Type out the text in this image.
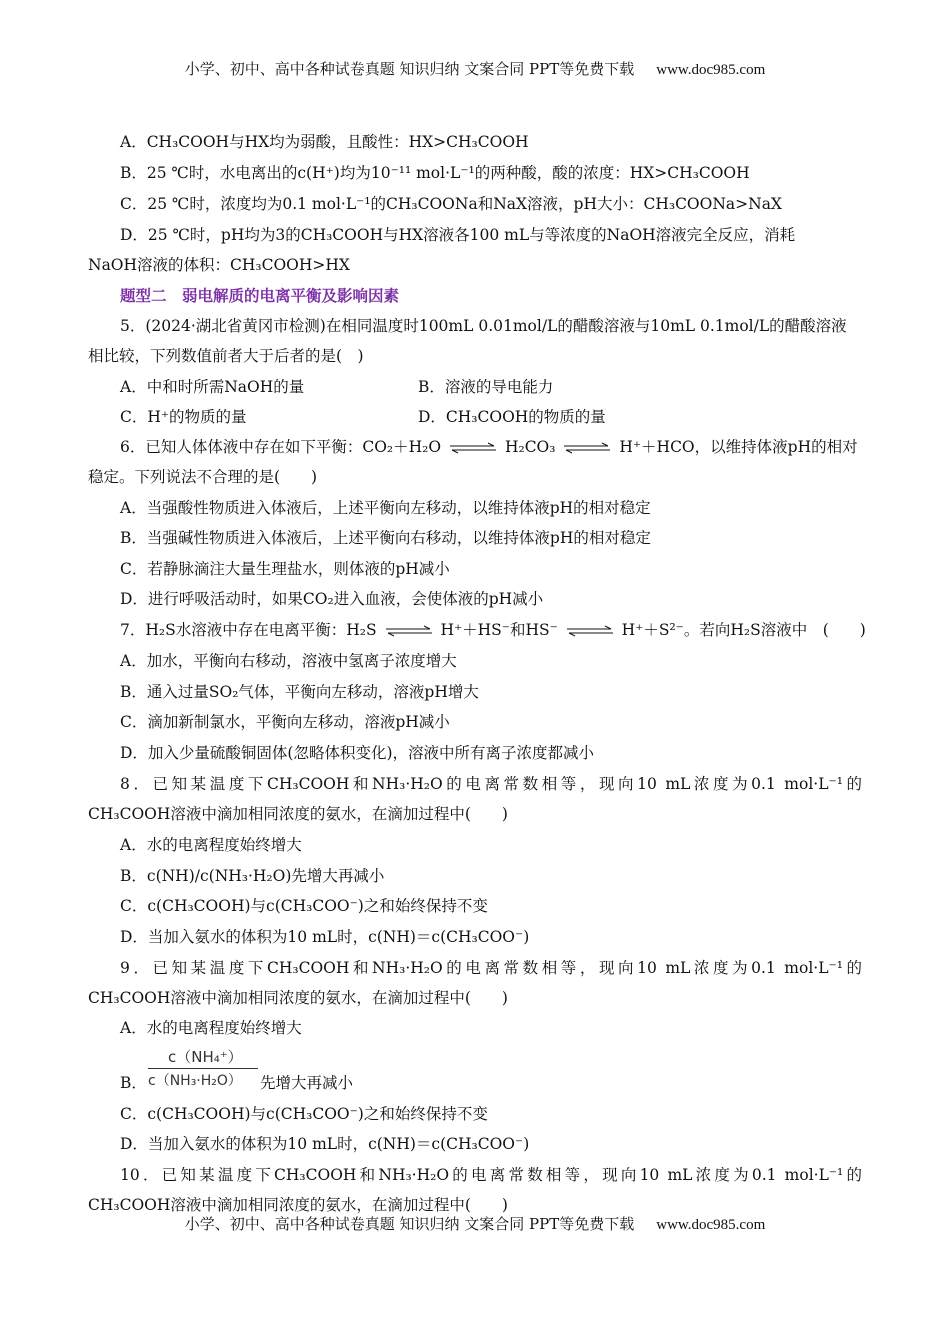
小学、初中、高中各种试卷真题 知识归纳 文案合同 PPT等免费下载 www.doc985.com
A．CH₃COOH与HX均为弱酸，且酸性：HX>CH₃COOH
B．25 ℃时，水电离出的c(H⁺)均为10⁻¹¹ mol·L⁻¹的两种酸，酸的浓度：HX>CH₃COOH
C．25 ℃时，浓度均为0.1 mol·L⁻¹的CH₃COONa和NaX溶液，pH大小：CH₃COONa>NaX
D．25 ℃时，pH均为3的CH₃COOH与HX溶液各100 mL与等浓度的NaOH溶液完全反应，消耗
NaOH溶液的体积：CH₃COOH>HX
题型二　弱电解质的电离平衡及影响因素
5．(2024·湖北省黄冈市检测)在相同温度时100mL 0.01mol/L的醋酸溶液与10mL 0.1mol/L的醋酸溶液
相比较，下列数值前者大于后者的是(　)
A．中和时所需NaOH的量	B．溶液的导电能力
C．H⁺的物质的量	D．CH₃COOH的物质的量
6．已知人体体液中存在如下平衡：CO₂＋H₂O ⇌ H₂CO₃ ⇌ H⁺＋HCO，以维持体液pH的相对
稳定。下列说法不合理的是(　　)
A．当强酸性物质进入体液后，上述平衡向左移动，以维持体液pH的相对稳定
B．当强碱性物质进入体液后，上述平衡向右移动，以维持体液pH的相对稳定
C．若静脉滴注大量生理盐水，则体液的pH减小
D．进行呼吸活动时，如果CO₂进入血液，会使体液的pH减小
7．H₂S水溶液中存在电离平衡：H₂S ⇌ H⁺＋HS⁻和HS⁻ ⇌ H⁺＋S²⁻。若向H₂S溶液中　(　　)
A．加水，平衡向右移动，溶液中氢离子浓度增大
B．通入过量SO₂气体，平衡向左移动，溶液pH增大
C．滴加新制氯水，平衡向左移动，溶液pH减小
D．加入少量硫酸铜固体(忽略体积变化)，溶液中所有离子浓度都减小
8．已知某温度下CH₃COOH和NH₃·H₂O的电离常数相等，现向10 mL浓度为0.1 mol·L⁻¹的
CH₃COOH溶液中滴加相同浓度的氨水，在滴加过程中(　　)
A．水的电离程度始终增大
B．c(NH)/c(NH₃·H₂O)先增大再减小
C．c(CH₃COOH)与c(CH₃COO⁻)之和始终保持不变
D．当加入氨水的体积为10 mL时，c(NH)＝c(CH₃COO⁻)
9．已知某温度下CH₃COOH和NH₃·H₂O的电离常数相等，现向10 mL浓度为0.1 mol·L⁻¹的
CH₃COOH溶液中滴加相同浓度的氨水，在滴加过程中(　　)
A．水的电离程度始终增大
c（NH₄⁺）
c（NH₃·H₂O）
B．	先增大再减小
C．c(CH₃COOH)与c(CH₃COO⁻)之和始终保持不变
D．当加入氨水的体积为10 mL时，c(NH)＝c(CH₃COO⁻)
10．已知某温度下CH₃COOH和NH₃·H₂O的电离常数相等，现向10 mL浓度为0.1 mol·L⁻¹的
CH₃COOH溶液中滴加相同浓度的氨水，在滴加过程中(　　)
小学、初中、高中各种试卷真题 知识归纳 文案合同 PPT等免费下载 www.doc985.com
